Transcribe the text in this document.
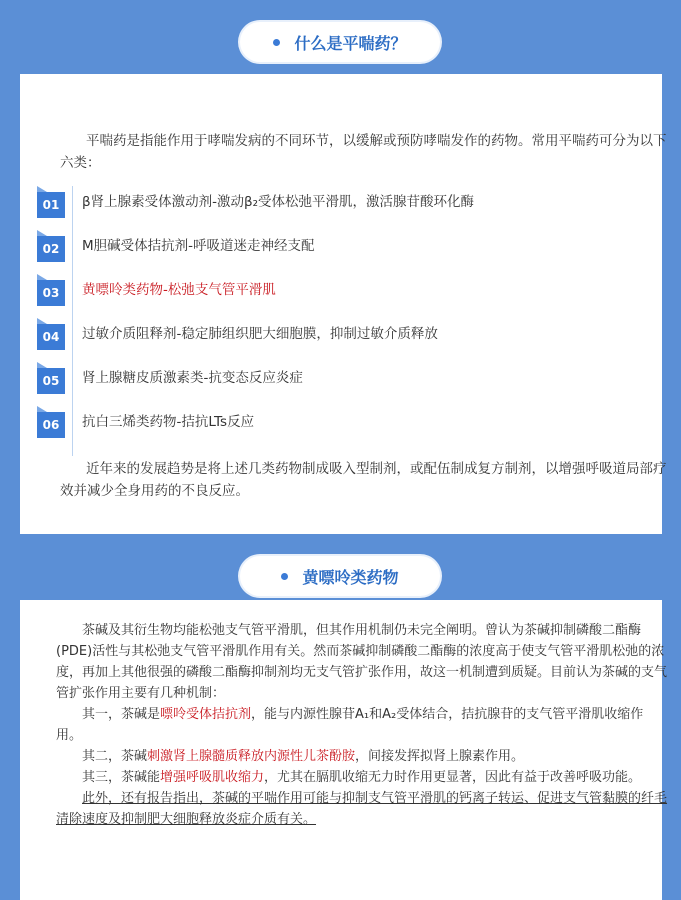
什么是平喘药？
平喘药是指能作用于哮喘发病的不同环节，以缓解或预防哮喘发作的药物。常用平喘药可分为以下六类：
01	β肾上腺素受体激动剂-激动β₂受体松弛平滑肌，激活腺苷酸环化酶
02	M胆碱受体拮抗剂-呼吸道迷走神经支配
03	黄嘌呤类药物-松弛支气管平滑肌
04	过敏介质阻释剂-稳定肺组织肥大细胞膜，抑制过敏介质释放
05	肾上腺糖皮质激素类-抗变态反应炎症
06	抗白三烯类药物-拮抗LTs反应
近年来的发展趋势是将上述几类药物制成吸入型制剂，或配伍制成复方制剂，以增强呼吸道局部疗效并减少全身用药的不良反应。
黄嘌呤类药物
茶碱及其衍生物均能松弛支气管平滑肌，但其作用机制仍未完全阐明。曾认为茶碱抑制磷酸二酯酶(PDE)活性与其松弛支气管平滑肌作用有关。然而茶碱抑制磷酸二酯酶的浓度高于使支气管平滑肌松弛的浓度，再加上其他很强的磷酸二酯酶抑制剂均无支气管扩张作用，故这一机制遭到质疑。目前认为茶碱的支气管扩张作用主要有几种机制：
其一，茶碱是嘌呤受体拮抗剂，能与内源性腺苷A₁和A₂受体结合，拮抗腺苷的支气管平滑肌收缩作用。
其二，茶碱刺激肾上腺髓质释放内源性儿茶酚胺，间接发挥拟肾上腺素作用。
其三，茶碱能增强呼吸肌收缩力，尤其在膈肌收缩无力时作用更显著，因此有益于改善呼吸功能。
此外，还有报告指出，茶碱的平喘作用可能与抑制支气管平滑肌的钙离子转运、促进支气管黏膜的纤毛清除速度及抑制肥大细胞释放炎症介质有关。
